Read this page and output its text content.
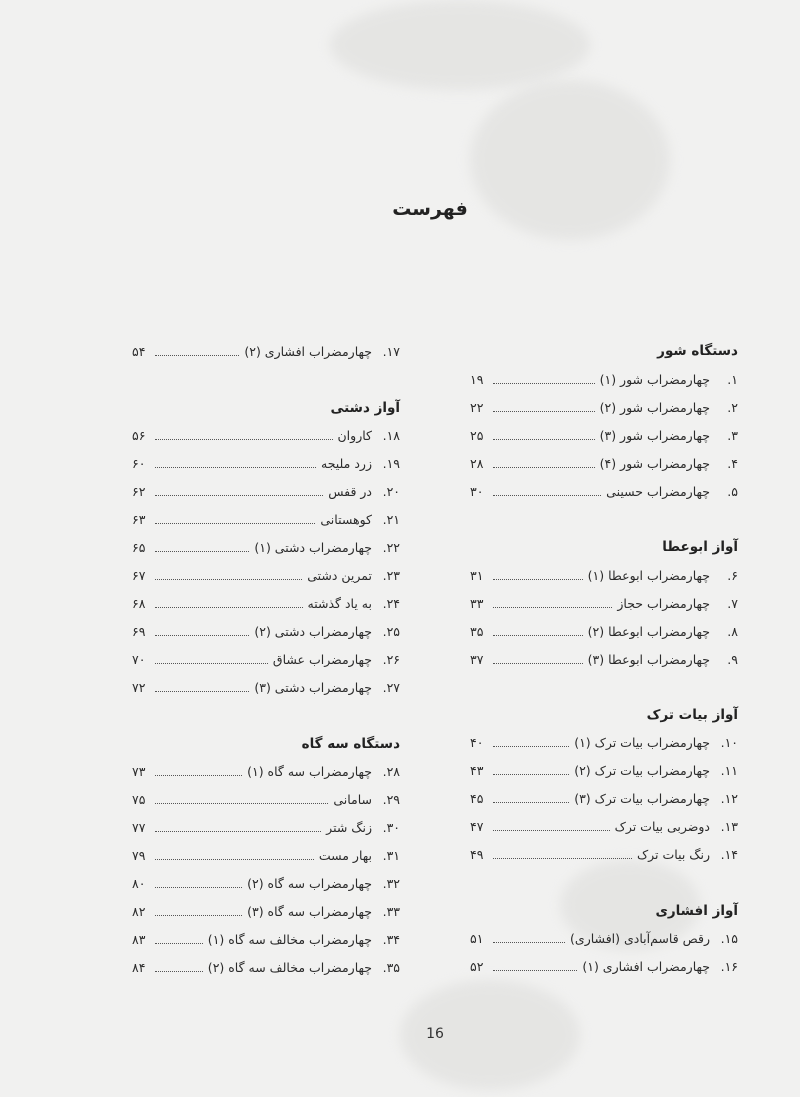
فهرست
دستگاه شور
۱.
چهارمضراب شور (۱)
۱۹
۲.
چهارمضراب شور (۲)
۲۲
۳.
چهارمضراب شور (۳)
۲۵
۴.
چهارمضراب شور (۴)
۲۸
۵.
چهارمضراب حسینی
۳۰
آواز ابوعطا
۶.
چهارمضراب ابوعطا (۱)
۳۱
۷.
چهارمضراب حجاز
۳۳
۸.
چهارمضراب ابوعطا (۲)
۳۵
۹.
چهارمضراب ابوعطا (۳)
۳۷
آواز بیات ترک
۱۰.
چهارمضراب بیات ترک (۱)
۴۰
۱۱.
چهارمضراب بیات ترک (۲)
۴۳
۱۲.
چهارمضراب بیات ترک (۳)
۴۵
۱۳.
دوضربی بیات ترک
۴۷
۱۴.
رنگ بیات ترک
۴۹
آواز افشاری
۱۵.
رقص قاسم‌آبادی (افشاری)
۵۱
۱۶.
چهارمضراب افشاری (۱)
۵۲
۱۷.
چهارمضراب افشاری (۲)
۵۴
آواز دشتی
۱۸.
کاروان
۵۶
۱۹.
زرد ملیجه
۶۰
۲۰.
در قفس
۶۲
۲۱.
کوهستانی
۶۳
۲۲.
چهارمضراب دشتی (۱)
۶۵
۲۳.
تمرین دشتی
۶۷
۲۴.
به یاد گذشته
۶۸
۲۵.
چهارمضراب دشتی (۲)
۶۹
۲۶.
چهارمضراب عشاق
۷۰
۲۷.
چهارمضراب دشتی (۳)
۷۲
دستگاه سه گاه
۲۸.
چهارمضراب سه گاه (۱)
۷۳
۲۹.
سامانی
۷۵
۳۰.
زنگ شتر
۷۷
۳۱.
بهار مست
۷۹
۳۲.
چهارمضراب سه گاه (۲)
۸۰
۳۳.
چهارمضراب سه گاه (۳)
۸۲
۳۴.
چهارمضراب مخالف سه گاه (۱)
۸۳
۳۵.
چهارمضراب مخالف سه گاه (۲)
۸۴
16
